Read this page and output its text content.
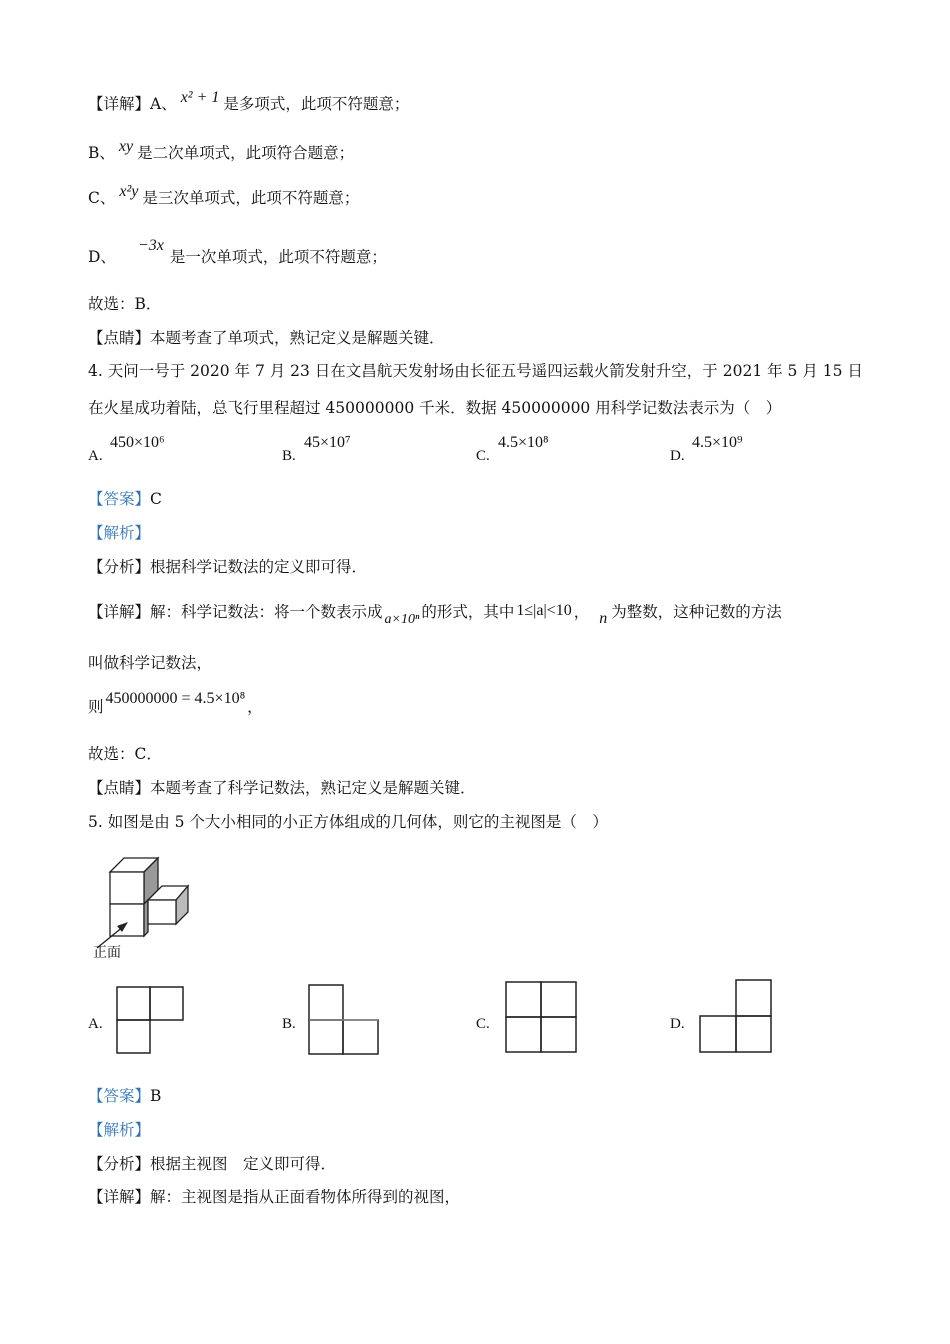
【详解】A、 x² + 1 是多项式，此项不符题意；
B、 xy 是二次单项式，此项符合题意；
C、 x²y 是三次单项式，此项不符题意；
D、−3x是一次单项式，此项不符题意；
故选：B．
【点睛】本题考查了单项式，熟记定义是解题关键．
4. 天问一号于 2020 年 7 月 23 日在文昌航天发射场由长征五号遥四运载火箭发射升空，于 2021 年 5 月 15 日
在火星成功着陆，总飞行里程超过 450000000 千米．数据 450000000 用科学记数法表示为（　）
A.
450×10⁶
B.
45×10⁷
C.
4.5×10⁸
D.
4.5×10⁹
【答案】C
【解析】
【分析】根据科学记数法的定义即可得．
【详解】解：科学记数法：将一个数表示成 a×10ⁿ 的形式，其中 1≤|a|<10 ， n 为整数，这种记数的方法
叫做科学记数法，
则 450000000 = 4.5×10⁸ ，
故选：C．
【点睛】本题考查了科学记数法，熟记定义是解题关键．
5. 如图是由 5 个大小相同的小正方体组成的几何体，则它的主视图是（　）
正面
A.	B.	C.	D.
【答案】B
【解析】
【分析】根据主视图　定义即可得．
【详解】解：主视图是指从正面看物体所得到的视图，
